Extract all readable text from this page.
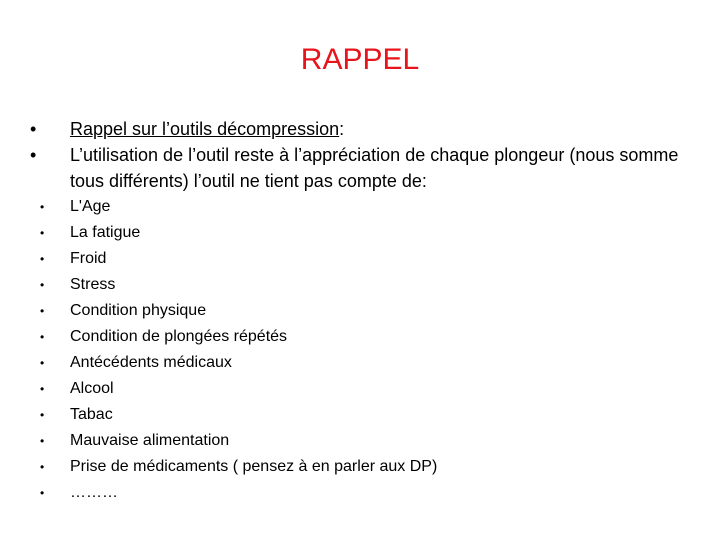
RAPPEL
• Rappel sur l’outils décompression:
• L’utilisation de l’outil reste à l’appréciation de chaque plongeur (nous somme tous différents) l’outil ne tient pas compte de:
• L'Age
• La fatigue
• Froid
• Stress
• Condition physique
• Condition de plongées répétés
• Antécédents médicaux
• Alcool
• Tabac
• Mauvaise alimentation
• Prise de médicaments ( pensez à en parler aux DP)
• ………
